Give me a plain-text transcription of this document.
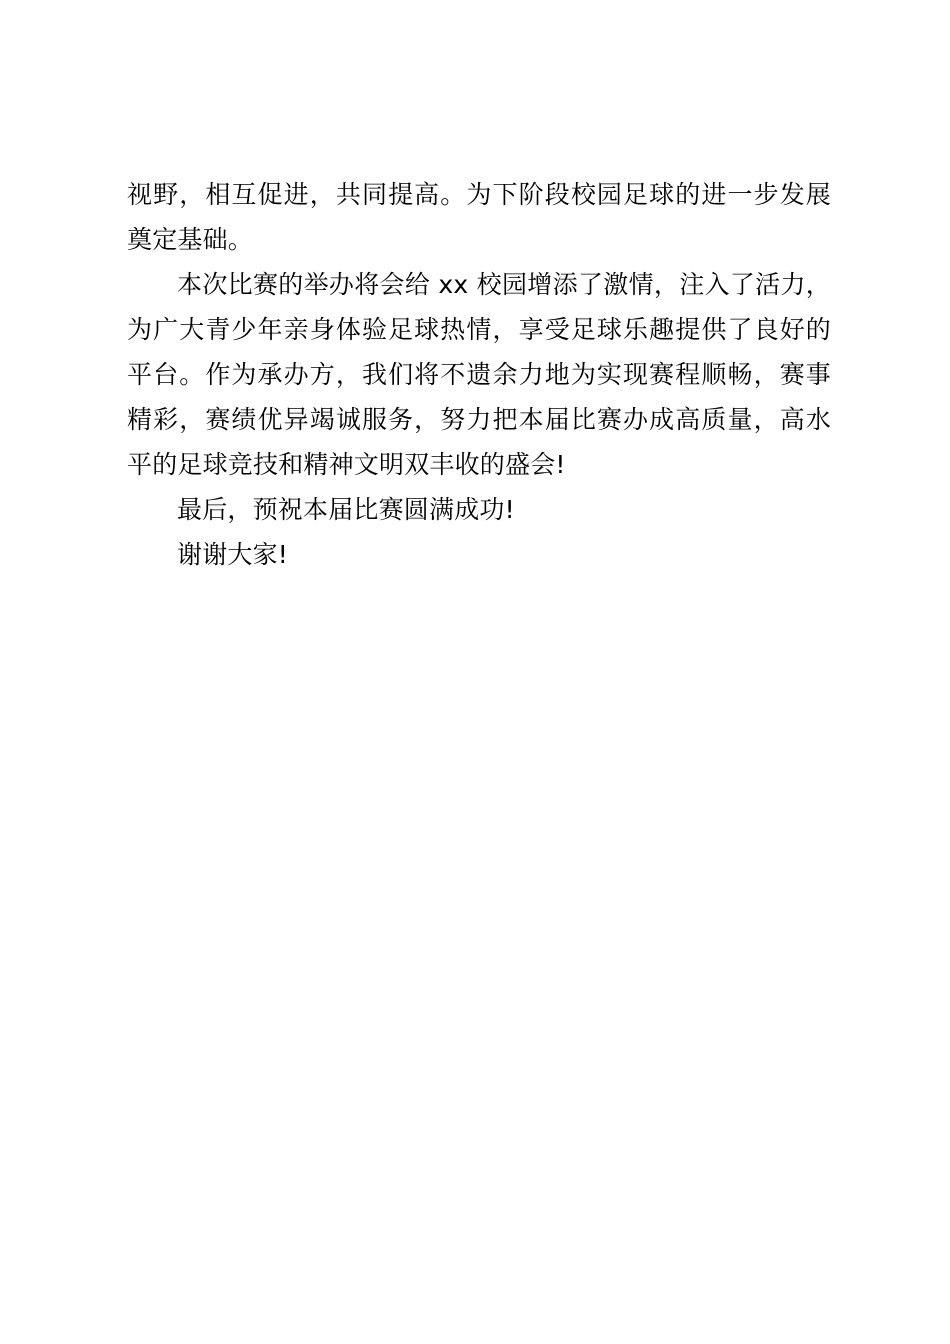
视野，相互促进，共同提高。为下阶段校园足球的进一步发展奠定基础。

本次比赛的举办将会给 xx 校园增添了激情，注入了活力，为广大青少年亲身体验足球热情，享受足球乐趣提供了良好的平台。作为承办方，我们将不遗余力地为实现赛程顺畅，赛事精彩，赛绩优异竭诚服务，努力把本届比赛办成高质量，高水平的足球竞技和精神文明双丰收的盛会!

最后，预祝本届比赛圆满成功!

谢谢大家!
